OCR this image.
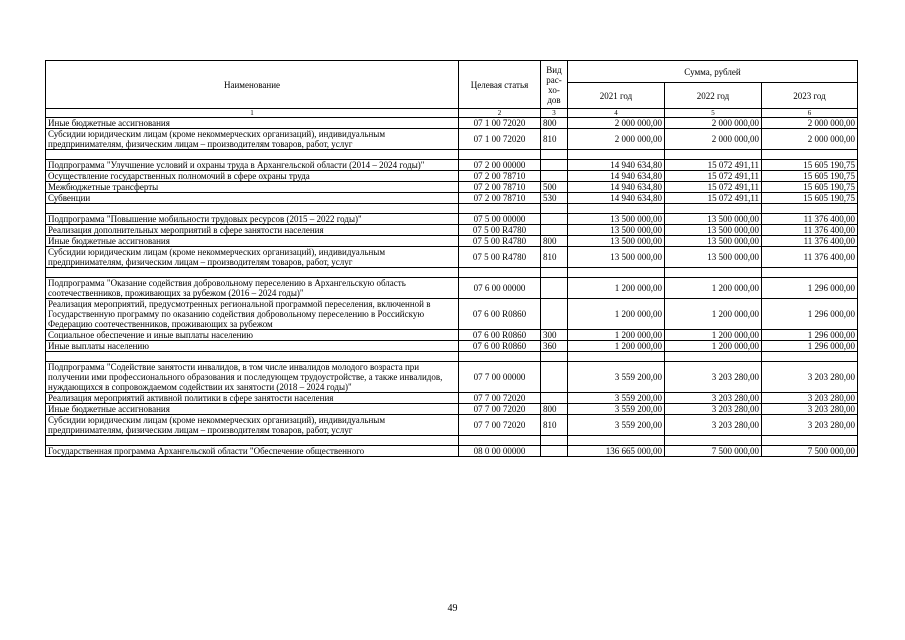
Наименование	Целевая статья	Вид рас-хо-дов	Сумма, рублей		
			2021 год	2022 год	2023 год
1	2	3	4	5	6
Иные бюджетные ассигнования	07 1 00 72020	800	2 000 000,00	2 000 000,00	2 000 000,00
Субсидии юридическим лицам (кроме некоммерческих организаций), индивидуальным предпринимателям, физическим лицам – производителям товаров, работ, услуг	07 1 00 72020	810	2 000 000,00	2 000 000,00	2 000 000,00

Подпрограмма "Улучшение условий и охраны труда в Архангельской области (2014 – 2024 годы)"	07 2 00 00000		14 940 634,80	15 072 491,11	15 605 190,75
Осуществление государственных полномочий в сфере охраны труда	07 2 00 78710		14 940 634,80	15 072 491,11	15 605 190,75
Межбюджетные трансферты	07 2 00 78710	500	14 940 634,80	15 072 491,11	15 605 190,75
Субвенции	07 2 00 78710	530	14 940 634,80	15 072 491,11	15 605 190,75

Подпрограмма "Повышение мобильности трудовых ресурсов (2015 – 2022 годы)"	07 5 00 00000		13 500 000,00	13 500 000,00	11 376 400,00
Реализация дополнительных мероприятий в сфере занятости населения	07 5 00 R4780		13 500 000,00	13 500 000,00	11 376 400,00
Иные бюджетные ассигнования	07 5 00 R4780	800	13 500 000,00	13 500 000,00	11 376 400,00
Субсидии юридическим лицам (кроме некоммерческих организаций), индивидуальным предпринимателям, физическим лицам – производителям товаров, работ, услуг	07 5 00 R4780	810	13 500 000,00	13 500 000,00	11 376 400,00

Подпрограмма "Оказание содействия добровольному переселению в Архангельскую область соотечественников, проживающих за рубежом (2016 – 2024 годы)"	07 6 00 00000		1 200 000,00	1 200 000,00	1 296 000,00
Реализация мероприятий, предусмотренных региональной программой переселения, включенной в Государственную программу по оказанию содействия добровольному переселению в Российскую Федерацию соотечественников, проживающих за рубежом	07 6 00 R0860		1 200 000,00	1 200 000,00	1 296 000,00
Социальное обеспечение и иные выплаты населению	07 6 00 R0860	300	1 200 000,00	1 200 000,00	1 296 000,00
Иные выплаты населению	07 6 00 R0860	360	1 200 000,00	1 200 000,00	1 296 000,00

Подпрограмма "Содействие занятости инвалидов, в том числе инвалидов молодого возраста при получении ими профессионального образования и последующем трудоустройстве, а также инвалидов, нуждающихся в сопровождаемом содействии их занятости (2018 – 2024 годы)"	07 7 00 00000		3 559 200,00	3 203 280,00	3 203 280,00
Реализация мероприятий активной политики в сфере занятости населения	07 7 00 72020		3 559 200,00	3 203 280,00	3 203 280,00
Иные бюджетные ассигнования	07 7 00 72020	800	3 559 200,00	3 203 280,00	3 203 280,00
Субсидии юридическим лицам (кроме некоммерческих организаций), индивидуальным предпринимателям, физическим лицам – производителям товаров, работ, услуг	07 7 00 72020	810	3 559 200,00	3 203 280,00	3 203 280,00

Государственная программа Архангельской области "Обеспечение общественного	08 0 00 00000		136 665 000,00	7 500 000,00	7 500 000,00
49
